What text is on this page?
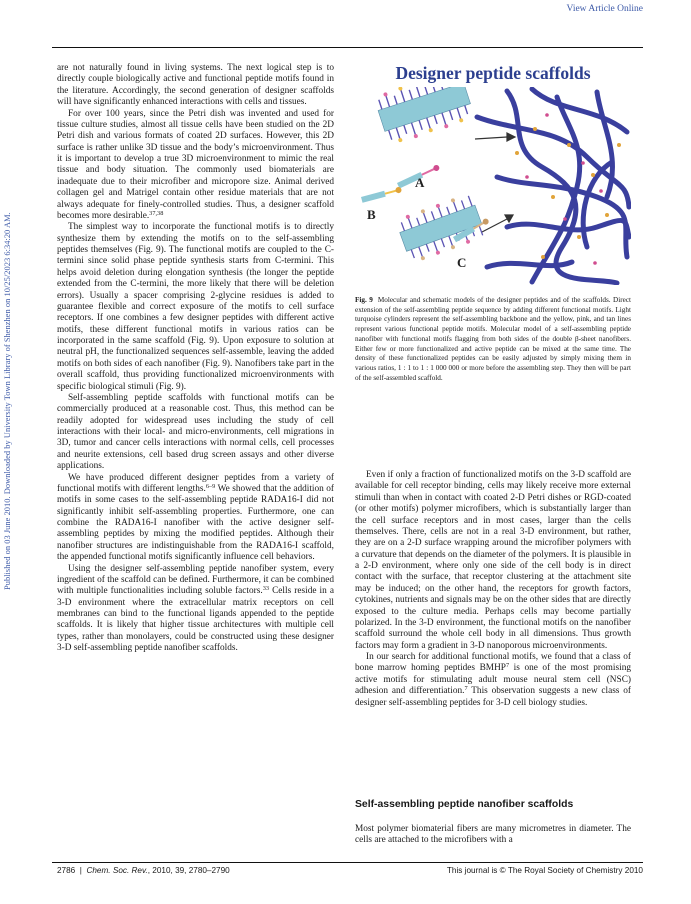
View Article Online
Published on 03 June 2010. Downloaded by University Town Library of Shenzhen on 10/25/2023 6:34:20 AM.

are not naturally found in living systems. The next logical step is to directly couple biologically active and functional peptide motifs found in the literature. Accordingly, the second generation of designer scaffolds will have significantly enhanced interactions with cells and tissues.

For over 100 years, since the Petri dish was invented and used for tissue culture studies, almost all tissue cells have been studied on the 2D Petri dish and various formats of coated 2D surfaces. However, this 2D surface is rather unlike 3D tissue and the body’s microenvironment. Thus it is important to develop a true 3D microenvironment to mimic the real tissue and body situation. The commonly used biomaterials are inadequate due to their microfiber and micropore size. Animal derived collagen gel and Matrigel contain other residue materials that are not always adequate for finely-controlled studies. Thus, a designer scaffold becomes more desirable.$^{37,38}$

The simplest way to incorporate the functional motifs is to directly synthesize them by extending the motifs on to the self-assembling peptides themselves (Fig. 9). The functional motifs are coupled to the C-termini since solid phase peptide synthesis starts from C-termini. This helps avoid deletion during elongation synthesis (the longer the peptide extended from the C-termini, the more likely that there will be deletion errors). Usually a spacer comprising 2-glycine residues is added to guarantee flexible and correct exposure of the motifs to cell surface receptors. If one combines a few designer peptides with different active motifs, these different functional motifs in various ratios can be incorporated in the same scaffold (Fig. 9). Upon exposure to solution at neutral pH, the functionalized sequences self-assemble, leaving the added motifs on both sides of each nanofiber (Fig. 9). Nanofibers take part in the overall scaffold, thus providing functionalized microenvironments with specific biological stimuli (Fig. 9).

Self-assembling peptide scaffolds with functional motifs can be commercially produced at a reasonable cost. Thus, this method can be readily adopted for widespread uses including the study of cell interactions with their local- and micro-environments, cell migrations in 3D, tumor and cancer cells interactions with normal cells, cell processes and neurite extensions, cell based drug screen assays and other diverse applications.

We have produced different designer peptides from a variety of functional motifs with different lengths.$^{6-9}$ We showed that the addition of motifs in some cases to the self-assembling peptide RADA16-I did not significantly inhibit self-assembling properties. Furthermore, one can combine the RADA16-I nanofiber with the active designer self-assembling peptides by mixing the modified peptides. Although their nanofiber structures are indistinguishable from the RADA16-I scaffold, the appended functional motifs significantly influence cell behaviors.

Using the designer self-assembling peptide nanofiber system, every ingredient of the scaffold can be defined. Furthermore, it can be combined with multiple functionalities including soluble factors.$^{33}$ Cells reside in a 3-D environment where the extracellular matrix receptors on cell membranes can bind to the functional ligands appended to the peptide scaffolds. It is likely that higher tissue architectures with multiple cell types, rather than monolayers, could be constructed using these designer 3-D self-assembling peptide nanofiber scaffolds.

Designer peptide scaffolds
A
B
C
Fig. 9 Molecular and schematic models of the designer peptides and of the scaffolds. Direct extension of the self-assembling peptide sequence by adding different functional motifs. Light turquoise cylinders represent the self-assembling backbone and the yellow, pink, and tan lines represent various functional peptide motifs. Molecular model of a self-assembling peptide nanofiber with functional motifs flagging from both sides of the double β-sheet nanofibers. Either few or more functionalized and active peptide can be mixed at the same time. The density of these functionalized peptides can be easily adjusted by simply mixing them in various ratios, 1 : 1 to 1 : 1 000 000 or more before the assembling step. They then will be part of the self-assembled scaffold.

Even if only a fraction of functionalized motifs on the 3-D scaffold are available for cell receptor binding, cells may likely receive more external stimuli than when in contact with coated 2-D Petri dishes or RGD-coated (or other motifs) polymer microfibers, which is substantially larger than the cell surface receptors and in most cases, larger than the cells themselves. There, cells are not in a real 3-D environment, but rather, they are on a 2-D surface wrapping around the microfiber polymers with a curvature that depends on the diameter of the polymers. It is plausible in a 2-D environment, where only one side of the cell body is in direct contact with the surface, that receptor clustering at the attachment site may be induced; on the other hand, the receptors for growth factors, cytokines, nutrients and signals may be on the other sides that are directly exposed to the culture media. Perhaps cells may become partially polarized. In the 3-D environment, the functional motifs on the nanofiber scaffold surround the whole cell body in all dimensions. Thus growth factors may form a gradient in 3-D nanoporous microenvironments.

In our search for additional functional motifs, we found that a class of bone marrow homing peptides BMHP$^7$ is one of the most promising active motifs for stimulating adult mouse neural stem cell (NSC) adhesion and differentiation.$^7$ This observation suggests a new class of designer self-assembling peptides for 3-D cell biology studies.

Self-assembling peptide nanofiber scaffolds
Most polymer biomaterial fibers are many micrometres in diameter. The cells are attached to the microfibers with a
2786  |  Chem. Soc. Rev., 2010, 39, 2780–2790	This journal is © The Royal Society of Chemistry 2010
